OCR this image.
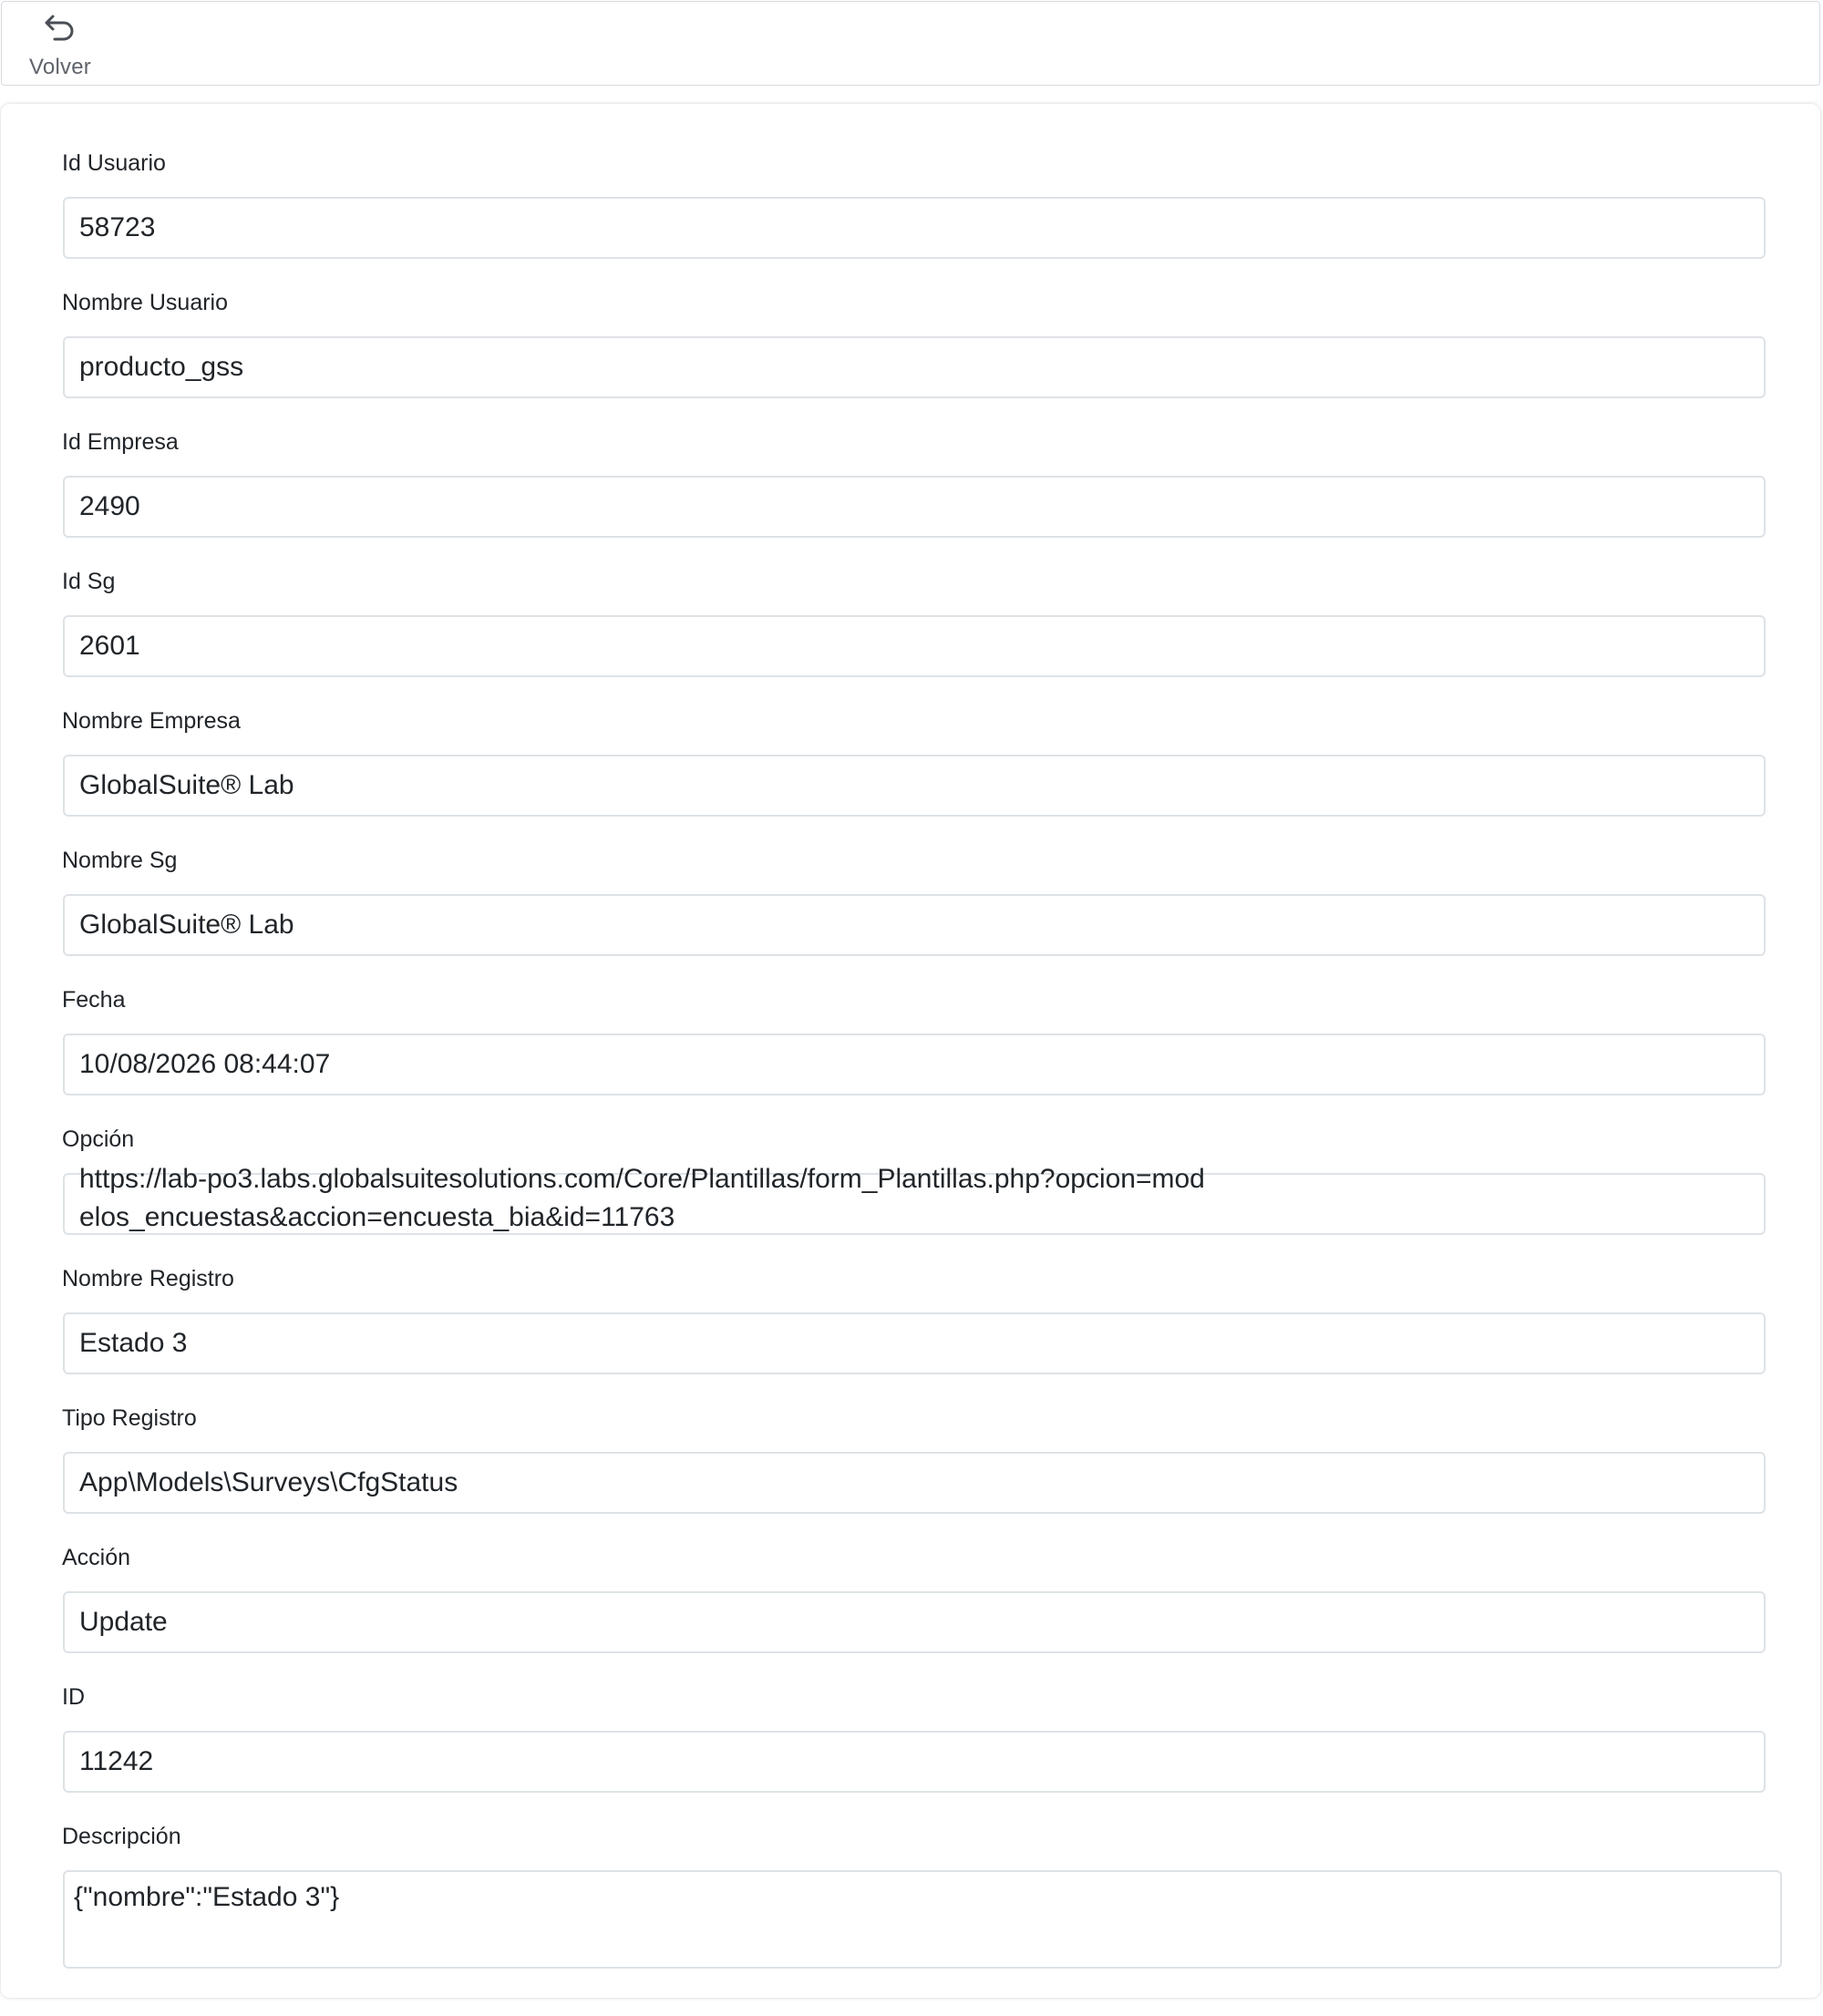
Volver
Id Usuario
58723
Nombre Usuario
producto_gss
Id Empresa
2490
Id Sg
2601
Nombre Empresa
GlobalSuite® Lab
Nombre Sg
GlobalSuite® Lab
Fecha
10/08/2026 08:44:07
Opción
https://lab-po3.labs.globalsuitesolutions.com/Core/Plantillas/form_Plantillas.php?opcion=modelos_encuestas&accion=encuesta_bia&id=11763
Nombre Registro
Estado 3
Tipo Registro
App\Models\Surveys\CfgStatus
Acción
Update
ID
11242
Descripción
{"nombre":"Estado 3"}
